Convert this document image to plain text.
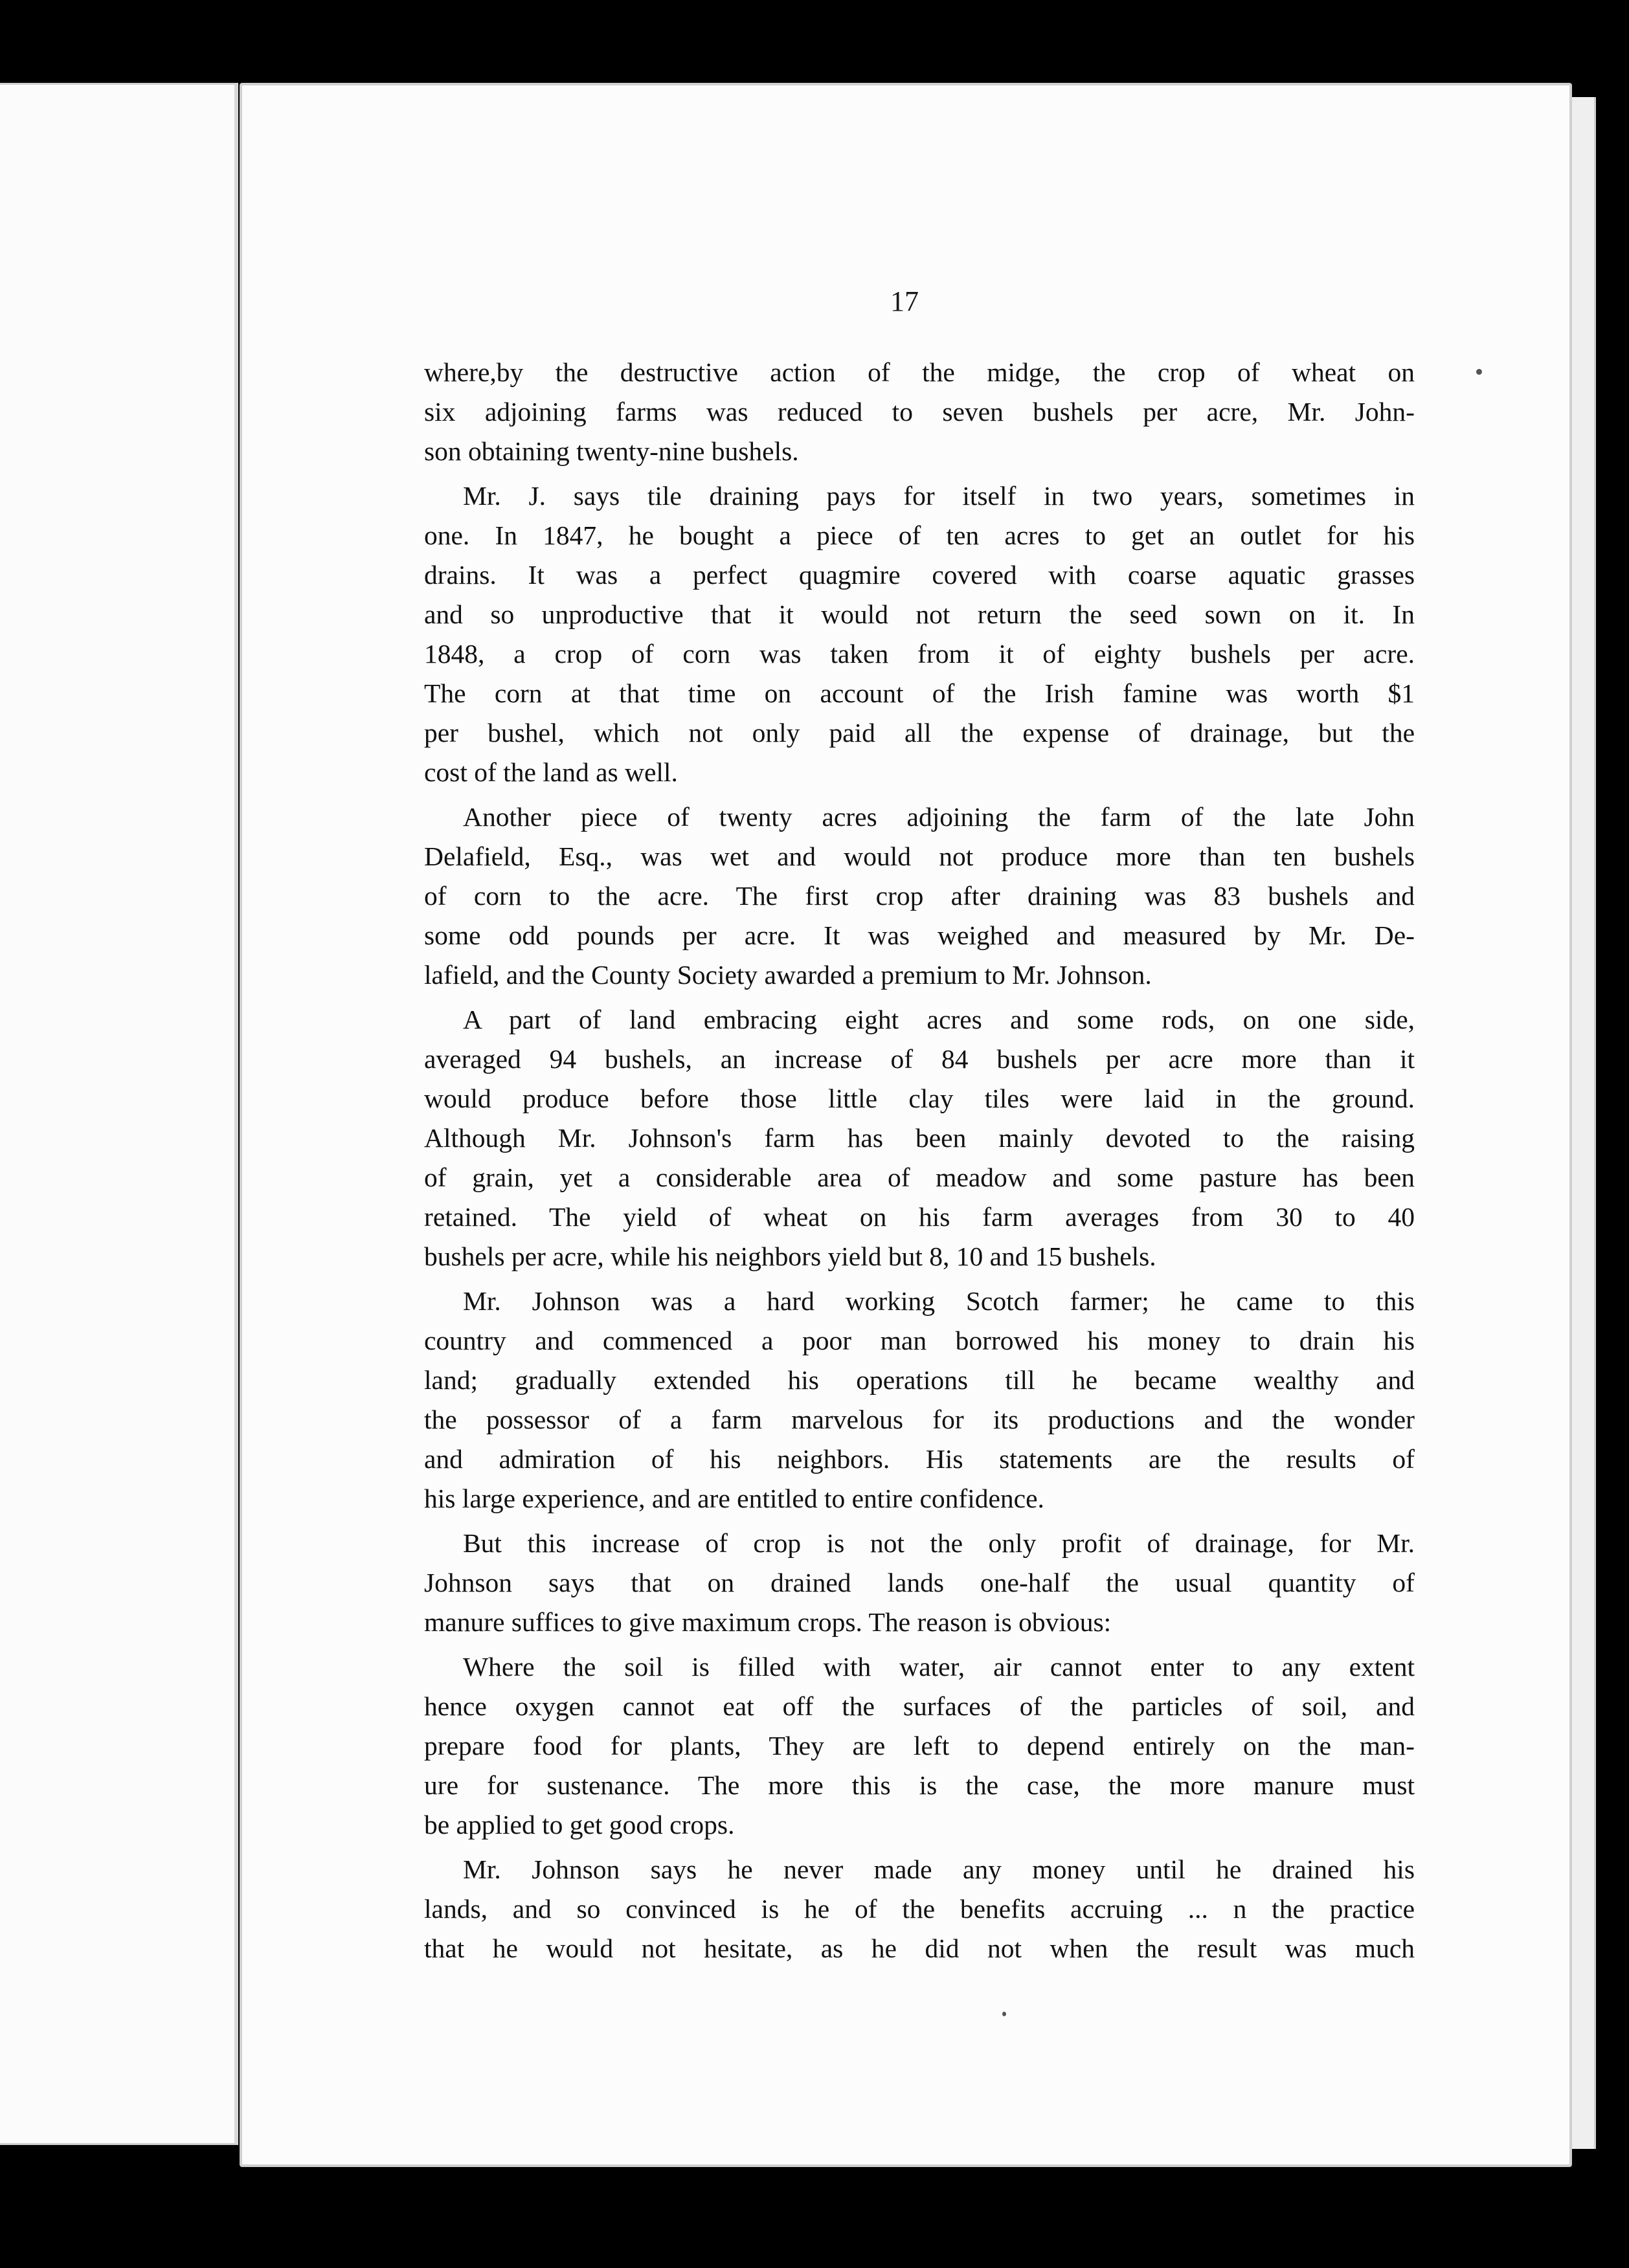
17
where,by the destructive action of the midge, the crop of wheat on
six adjoining farms was reduced to seven bushels per acre, Mr. John-
son obtaining twenty-nine bushels.
Mr. J. says tile draining pays for itself in two years, sometimes in
one. In 1847, he bought a piece of ten acres to get an outlet for his
drains. It was a perfect quagmire covered with coarse aquatic grasses
and so unproductive that it would not return the seed sown on it. In
1848, a crop of corn was taken from it of eighty bushels per acre.
The corn at that time on account of the Irish famine was worth $1
per bushel, which not only paid all the expense of drainage, but the
cost of the land as well.
Another piece of twenty acres adjoining the farm of the late John
Delafield, Esq., was wet and would not produce more than ten bushels
of corn to the acre. The first crop after draining was 83 bushels and
some odd pounds per acre. It was weighed and measured by Mr. De-
lafield, and the County Society awarded a premium to Mr. Johnson.
A part of land embracing eight acres and some rods, on one side,
averaged 94 bushels, an increase of 84 bushels per acre more than it
would produce before those little clay tiles were laid in the ground.
Although Mr. Johnson's farm has been mainly devoted to the raising
of grain, yet a considerable area of meadow and some pasture has been
retained. The yield of wheat on his farm averages from 30 to 40
bushels per acre, while his neighbors yield but 8, 10 and 15 bushels.
Mr. Johnson was a hard working Scotch farmer; he came to this
country and commenced a poor man borrowed his money to drain his
land; gradually extended his operations till he became wealthy and
the possessor of a farm marvelous for its productions and the wonder
and admiration of his neighbors. His statements are the results of
his large experience, and are entitled to entire confidence.
But this increase of crop is not the only profit of drainage, for Mr.
Johnson says that on drained lands one-half the usual quantity of
manure suffices to give maximum crops. The reason is obvious:
Where the soil is filled with water, air cannot enter to any extent
hence oxygen cannot eat off the surfaces of the particles of soil, and
prepare food for plants, They are left to depend entirely on the man-
ure for sustenance. The more this is the case, the more manure must
be applied to get good crops.
Mr. Johnson says he never made any money until he drained his
lands, and so convinced is he of the benefits accruing ... n the practice
that he would not hesitate, as he did not when the result was much
